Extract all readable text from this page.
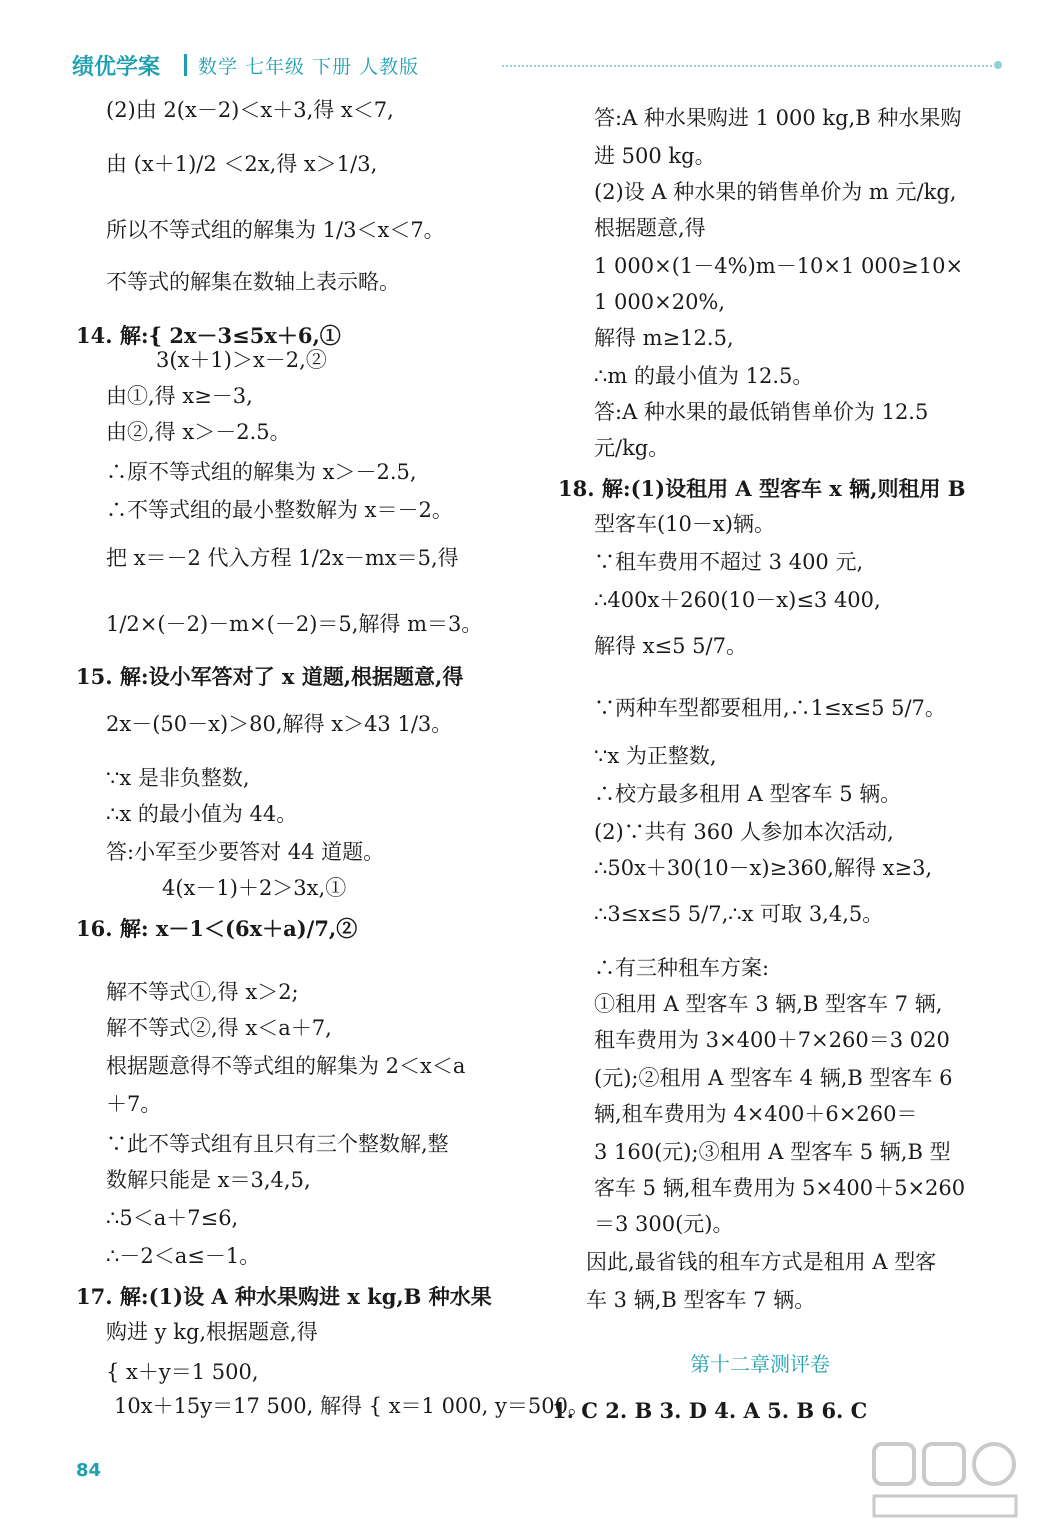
绩优学案 数学 七年级 下册 人教版
(2)由 2(x－2)＜x＋3,得 x＜7,
由 (x＋1)/2 ＜2x,得 x＞1/3,
所以不等式组的解集为 1/3＜x＜7。
不等式的解集在数轴上表示略。
14. 解:{ 2x－3≤5x＋6,①
3(x＋1)＞x－2,②
由①,得 x≥－3,
由②,得 x＞－2.5。
∴原不等式组的解集为 x＞－2.5,
∴不等式组的最小整数解为 x＝－2。
把 x＝－2 代入方程 1/2x－mx＝5,得
1/2×(－2)－m×(－2)＝5,解得 m＝3。
15. 解:设小军答对了 x 道题,根据题意,得
2x－(50－x)＞80,解得 x＞43 1/3。
∵x 是非负整数,
∴x 的最小值为 44。
答:小军至少要答对 44 道题。
4(x－1)＋2＞3x,①
16. 解: x－1＜(6x＋a)/7,②
解不等式①,得 x＞2;
解不等式②,得 x＜a＋7,
根据题意得不等式组的解集为 2＜x＜a
＋7。
∵此不等式组有且只有三个整数解,整
数解只能是 x＝3,4,5,
∴5＜a＋7≤6,
∴－2＜a≤－1。
17. 解:(1)设 A 种水果购进 x kg,B 种水果
购进 y kg,根据题意,得
{ x＋y＝1 500,
10x＋15y＝17 500, 解得 { x＝1 000, y＝500。
答:A 种水果购进 1 000 kg,B 种水果购
进 500 kg。
(2)设 A 种水果的销售单价为 m 元/kg,
根据题意,得
1 000×(1－4%)m－10×1 000≥10×
1 000×20%,
解得 m≥12.5,
∴m 的最小值为 12.5。
答:A 种水果的最低销售单价为 12.5
元/kg。
18. 解:(1)设租用 A 型客车 x 辆,则租用 B
型客车(10－x)辆。
∵租车费用不超过 3 400 元,
∴400x＋260(10－x)≤3 400,
解得 x≤5 5/7。
∵两种车型都要租用,∴1≤x≤5 5/7。
∵x 为正整数,
∴校方最多租用 A 型客车 5 辆。
(2)∵共有 360 人参加本次活动,
∴50x＋30(10－x)≥360,解得 x≥3,
∴3≤x≤5 5/7,∴x 可取 3,4,5。
∴有三种租车方案:
①租用 A 型客车 3 辆,B 型客车 7 辆,
租车费用为 3×400＋7×260＝3 020
(元);②租用 A 型客车 4 辆,B 型客车 6
辆,租车费用为 4×400＋6×260＝
3 160(元);③租用 A 型客车 5 辆,B 型
客车 5 辆,租车费用为 5×400＋5×260
＝3 300(元)。
因此,最省钱的租车方式是租用 A 型客
车 3 辆,B 型客车 7 辆。
第十二章测评卷
1. C 2. B 3. D 4. A 5. B 6. C
84
